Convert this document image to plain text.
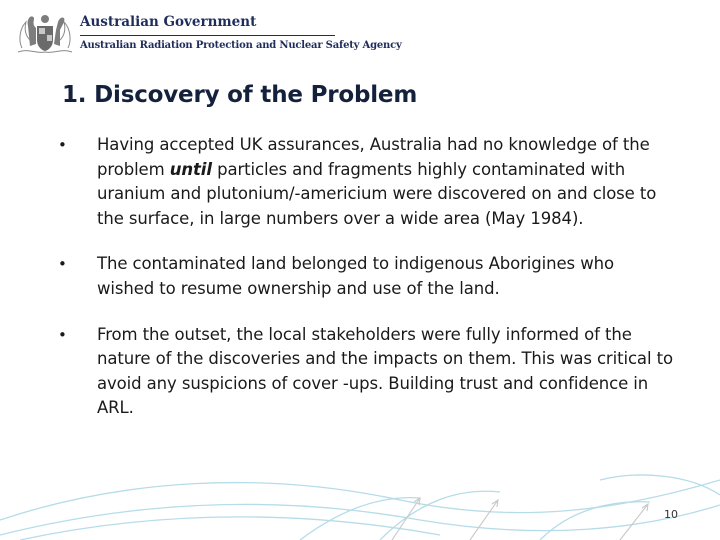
Australian Government
Australian Radiation Protection and Nuclear Safety Agency
1. Discovery of the Problem
• Having accepted UK assurances, Australia had no knowledge of the problem until particles and fragments highly contaminated with uranium and plutonium/-americium were discovered on and close to the surface, in large numbers over a wide area (May 1984).
• The contaminated land belonged to indigenous Aborigines who wished to resume ownership and use of the land.
• From the outset, the local stakeholders were fully informed of the nature of the discoveries and the impacts on them. This was critical to avoid any suspicions of cover -ups. Building trust and confidence in ARL.
10
